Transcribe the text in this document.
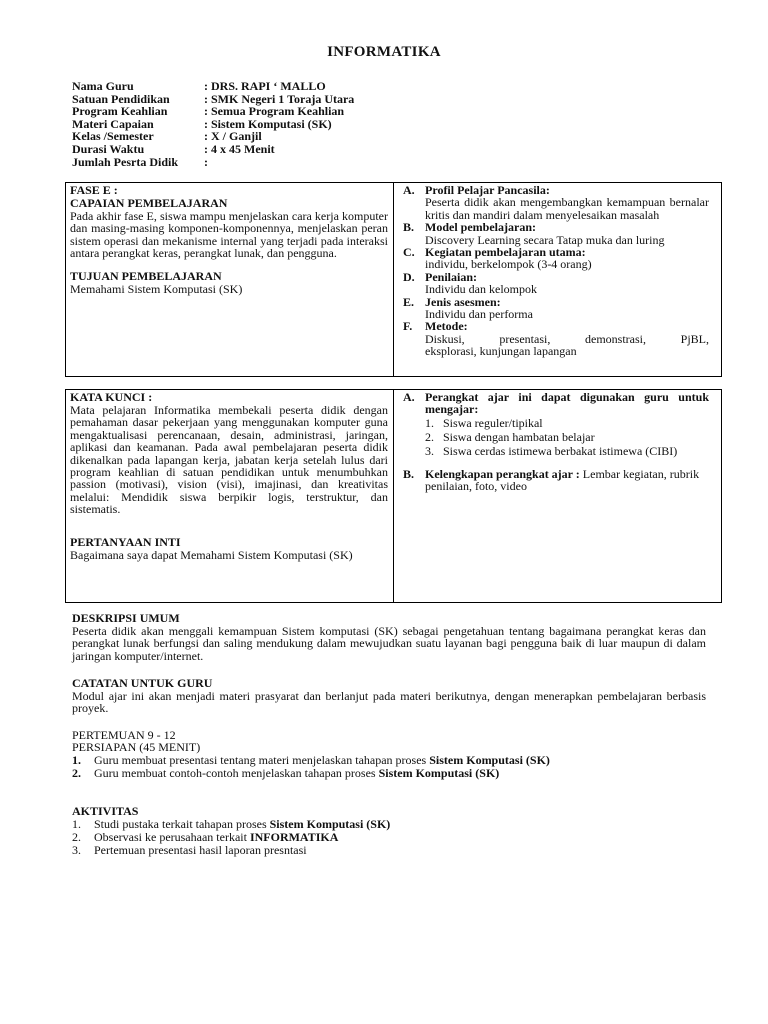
INFORMATIKA
Nama Guru	: DRS. RAPI ‘ MALLO
Satuan Pendidikan	: SMK Negeri 1 Toraja Utara
Program Keahlian	: Semua Program Keahlian
Materi Capaian	: Sistem Komputasi (SK)
Kelas /Semester	: X / Ganjil
Durasi Waktu	: 4 x 45 Menit
Jumlah Pesrta Didik	:
FASE E :
CAPAIAN PEMBELAJARAN
Pada akhir fase E, siswa mampu menjelaskan cara kerja komputer dan masing-masing komponen-komponennya, menjelaskan peran sistem operasi dan mekanisme internal yang terjadi pada interaksi antara perangkat keras, perangkat lunak, dan pengguna.
TUJUAN PEMBELAJARAN
Memahami Sistem Komputasi (SK)
A. Profil Pelajar Pancasila:
Peserta didik akan mengembangkan kemampuan bernalar kritis dan mandiri dalam menyelesaikan masalah
B. Model pembelajaran:
Discovery Learning secara Tatap muka dan luring
C. Kegiatan pembelajaran utama:
individu, berkelompok (3-4 orang)
D. Penilaian:
Individu dan kelompok
E. Jenis asesmen:
Individu dan performa
F.	Metode:
Diskusi,        presentasi,        demonstrasi,        PjBL, eksplorasi, kunjungan lapangan
KATA KUNCI :
Mata pelajaran Informatika membekali peserta didik dengan pemahaman dasar pekerjaan yang menggunakan komputer guna mengaktualisasi perencanaan, desain, administrasi, jaringan, aplikasi dan keamanan. Pada awal pembelajaran peserta didik dikenalkan pada lapangan kerja, jabatan kerja setelah lulus dari program keahlian di satuan pendidikan untuk menumbuhkan passion (motivasi), vision (visi), imajinasi, dan kreativitas melalui: Mendidik siswa berpikir logis, terstruktur, dan sistematis.
PERTANYAAN INTI
Bagaimana saya dapat Memahami Sistem Komputasi (SK)
A. Perangkat ajar ini dapat digunakan guru untuk mengajar:
1. Siswa reguler/tipikal
2. Siswa dengan hambatan belajar
3. Siswa cerdas istimewa berbakat istimewa (CIBI)
B. Kelengkapan perangkat ajar : Lembar kegiatan, rubrik penilaian, foto, video
DESKRIPSI UMUM
Peserta didik akan menggali kemampuan Sistem komputasi (SK) sebagai pengetahuan tentang bagaimana perangkat keras dan perangkat lunak berfungsi dan saling mendukung dalam mewujudkan suatu layanan bagi pengguna baik di luar maupun di dalam jaringan komputer/internet.
CATATAN UNTUK GURU
Modul ajar ini akan menjadi materi prasyarat dan berlanjut pada materi berikutnya, dengan menerapkan pembelajaran berbasis proyek.
PERTEMUAN 9 - 12
PERSIAPAN (45 MENIT)
1.	Guru membuat presentasi tentang materi menjelaskan tahapan proses Sistem Komputasi (SK)
2.	Guru membuat contoh-contoh menjelaskan tahapan proses Sistem Komputasi (SK)
AKTIVITAS
1.	Studi pustaka terkait tahapan proses Sistem Komputasi (SK)
2.	Observasi ke perusahaan terkait INFORMATIKA
3.	Pertemuan presentasi hasil laporan presntasi
